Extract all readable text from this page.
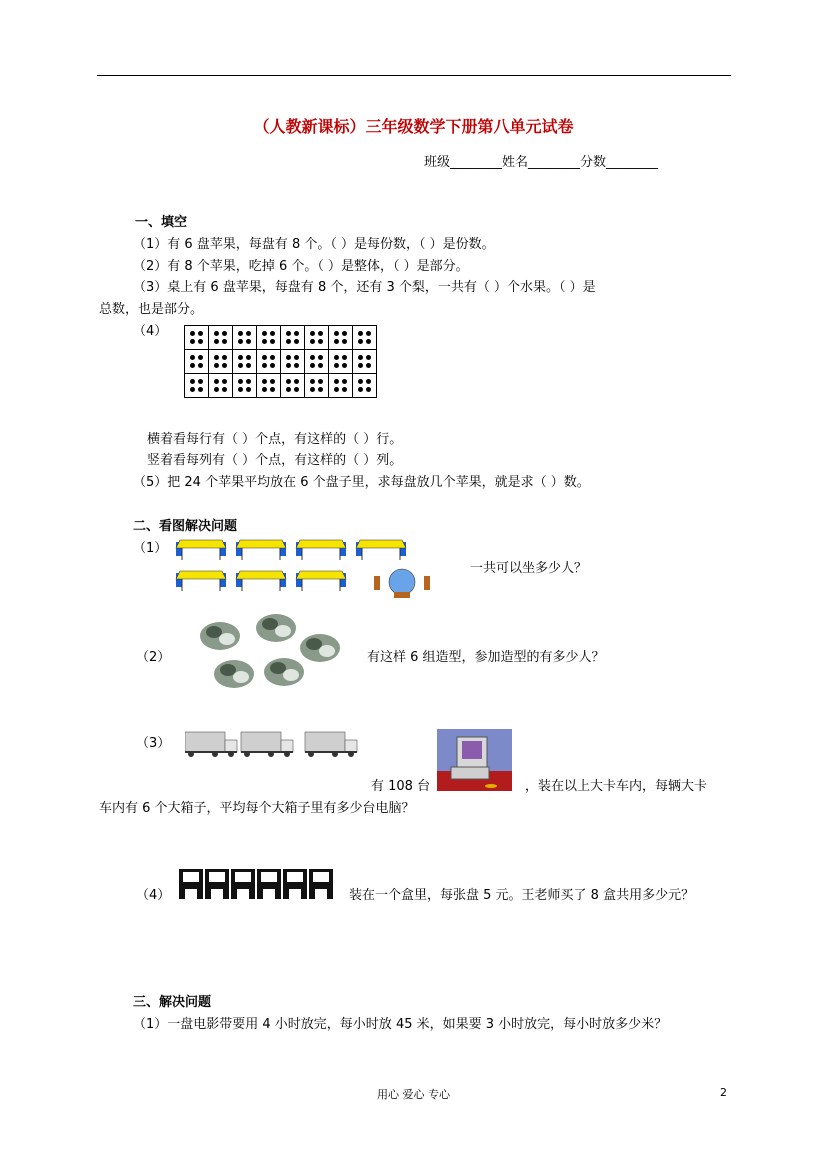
（人教新课标）三年级数学下册第八单元试卷
班级________姓名________分数________
一、填空
（1）有 6 盘苹果，每盘有 8 个。（ ）是每份数，（ ）是份数。
（2）有 8 个苹果，吃掉 6 个。（ ）是整体，（ ）是部分。
（3）桌上有 6 盘苹果，每盘有 8 个，还有 3 个梨，一共有（ ）个水果。（ ）是
总数，也是部分。
（4）

横着看每行有（ ）个点，有这样的（ ）行。
竖着看每列有（ ）个点，有这样的（ ）列。
（5）把 24 个苹果平均放在 6 个盘子里，求每盘放几个苹果，就是求（ ）数。
二、看图解决问题
（1）
一共可以坐多少人？
（2）	有这样 6 组造型，参加造型的有多少人？
（3）
有 108 台	，装在以上大卡车内，每辆大卡
车内有 6 个大箱子，平均每个大箱子里有多少台电脑？
（4）	装在一个盒里，每张盘 5 元。王老师买了 8 盒共用多少元？
三、解决问题
（1）一盘电影带要用 4 小时放完，每小时放 45 米，如果要 3 小时放完，每小时放多少米？
用心 爱心 专心	2
